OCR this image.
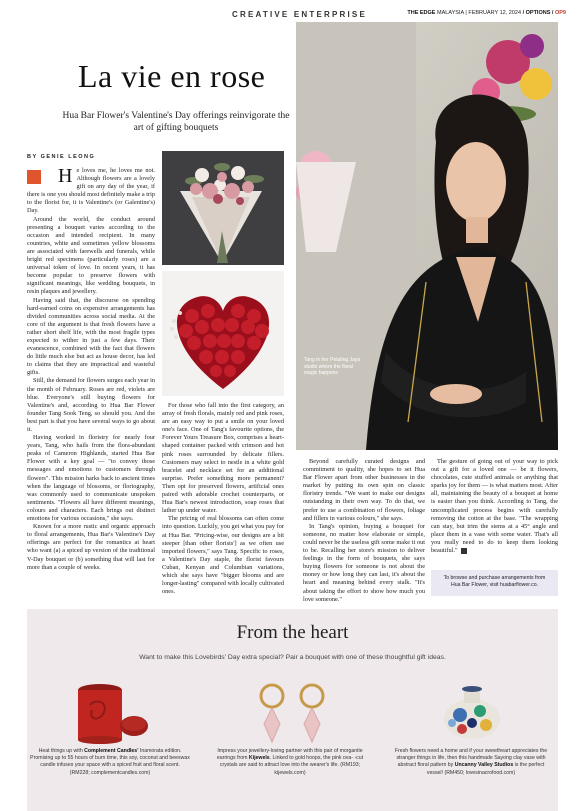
CREATIVE ENTERPRISE	THE EDGE MALAYSIA | FEBRUARY 12, 2024 / OPTIONS / OP9
La vie en rose
Hua Bar Flower's Valentine's Day offerings reinvigorate the art of gifting bouquets
BY GENIE LEONG

H e loves me, he loves me not. Although flowers are a lovely gift on any day of the year, if there is one you should most definitely make a trip to the florist for, it is Valentine's (or Galentine's) Day.

Around the world, the conduct around presenting a bouquet varies according to the occasion and intended recipient. In many countries, white and sometimes yellow blossoms are associated with farewells and funerals, while bright red specimens (particularly roses) are a universal token of love. In recent years, it has become popular to preserve flowers with significant meanings, like wedding bouquets, in resin plaques and jewellery.

Having said that, the discourse on spending hard-earned coins on expensive arrangements has divided communities across social media. At the core of the argument is that fresh flowers have a rather short shelf life, with the most fragile types expected to wither in just a few days. Their evanescence, combined with the fact that flowers do little much else but act as house decor, has led to claims that they are impractical and wasteful gifts.

Still, the demand for flowers surges each year in the month of February. Roses are red, violets are blue. Everyone's still buying flowers for Valentine's and, according to Hua Bar Flower founder Tang Sook Teng, so should you. And the best part is that you have several ways to go about it.

Having worked in floristry for nearly four years, Tang, who hails from the flora-abundant peaks of Cameron Highlands, started Hua Bar Flower with a key goal — "to convey those messages and emotions to customers through flowers". This mission harks back to ancient times when the language of blossoms, or floriography, was commonly used to communicate unspoken sentiments. "Flowers all have different meanings, colours and characters. Each brings out distinct emotions for various occasions," she says.

Known for a more rustic and organic approach to floral arrangements, Hua Bar's Valentine's Day offerings are perfect for the romantics at heart who want (a) a spiced up version of the traditional V-Day bouquet or (b) something that will last for more than a couple of weeks.

For those who fall into the first category, an array of fresh florals, mainly red and pink roses, are an easy way to put a smile on your loved one's face. One of Tang's favourite options, the Forever Yours Treasure Box, comprises a heart-shaped container packed with crimson and hot pink roses surrounded by delicate fillers. Customers may select to nestle in a white gold bracelet and necklace set for an additional surprise. Prefer something more permanent? Then opt for preserved flowers, artificial ones paired with adorable crochet counterparts, or Hua Bar's newest introduction, soap roses that lather up under water.

The pricing of real blossoms can often come into question. Luckily, you get what you pay for at Hua Bar. "Pricing-wise, our designs are a bit steeper [than other florists'] as we often use imported flowers," says Tang. Specific to roses, a Valentine's Day staple, the florist favours Cuban, Kenyan and Columbian variations, which she says have "bigger blooms and are longer-lasting" compared with locally cultivated ones.

Tang in her Petaling Jaya studio where the floral magic happens

Beyond carefully curated designs and commitment to quality, she hopes to set Hua Bar Flower apart from other businesses in the market by putting its own spin on classic floristry trends. "We want to make our designs outstanding in their own way. To do that, we prefer to use a combination of flowers, foliage and fillers in various colours," she says.

In Tang's opinion, buying a bouquet for someone, no matter how elaborate or simple, could never be the useless gift some make it out to be. Recalling her store's mission to deliver feelings in the form of bouquets, she says buying flowers for someone is not about the money or how long they can last, it's about the heart and meaning behind every stalk. "It's about taking the effort to show how much you love someone."

The gesture of going out of your way to pick out a gift for a loved one — be it flowers, chocolates, cute stuffed animals or anything that sparks joy for them — is what matters most. After all, maintaining the beauty of a bouquet at home is easier than you think. According to Tang, the uncomplicated process begins with carefully removing the cotton at the base. "The wrapping can stay, but trim the stems at a 45° angle and place them in a vase with some water. That's all you really need to do to keep them looking beautiful."

To browse and purchase arrangements from Hua Bar Flower, visit huabarflower.co.
From the heart
Want to make this Lovebirds' Day extra special? Pair a bouquet with one of these thoughtful gift ideas.
Heat things up with Complement Candles' Inamorata edition. Promising up to 55 hours of burn time, this soy, coconut and beeswax candle infuses your space with a spiced fruit and floral scent. (RM228; complementcandles.com)
Impress your jewellery-loving partner with this pair of morganite earrings from Kijewels. Linked to gold hoops, the pink ova- -cut crystals are said to attract love into the wearer's life. (RM193; kijewels.com)
Fresh flowers need a home and if your sweetheart appreciates the stranger things in life, then this handmade Sayong clay vase with abstract floral pattern by Uncanny Valley Studios is the perfect vessel! (RM450; lovesinacrofood.com)
